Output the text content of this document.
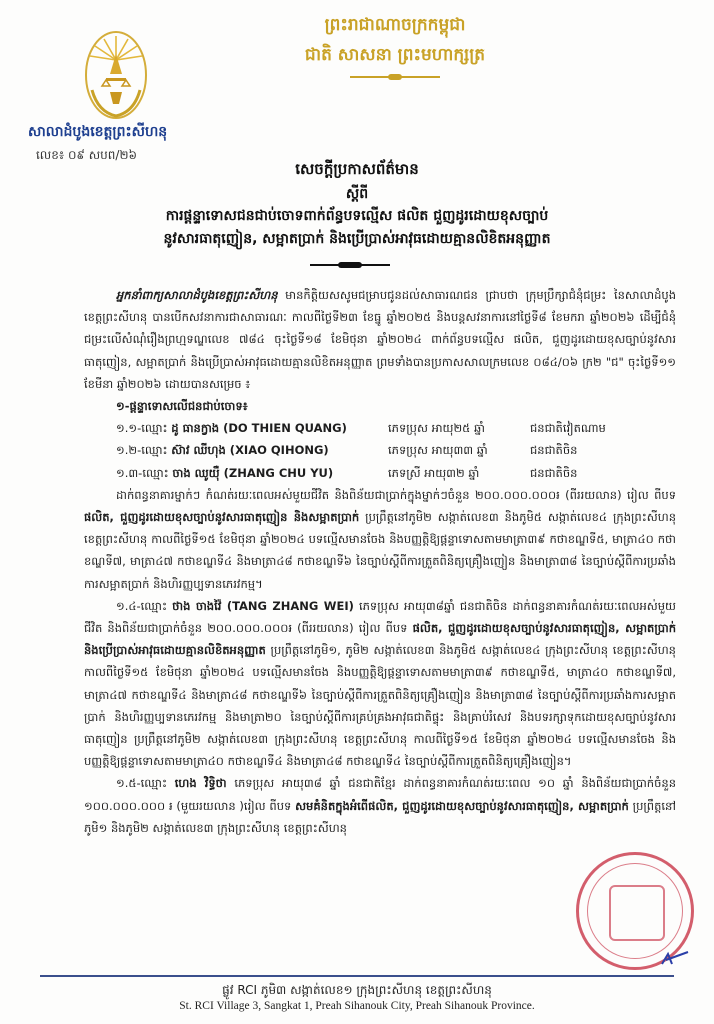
ព្រះរាជាណាចក្រកម្ពុជា
ជាតិ សាសនា ព្រះមហាក្សត្រ
សាលាដំបូងខេត្តព្រះសីហនុ
លេខ៖ ០៩ សបព/២៦
សេចក្តីប្រកាសព័ត៌មាន
ស្តីពី
ការផ្តន្ទាទោសជនជាប់ចោទពាក់ព័ន្ធបទល្មើស ផលិត ជួញដូរដោយខុសច្បាប់
នូវសារធាតុញៀន, សម្អាតប្រាក់ និងប្រើប្រាស់អាវុធដោយគ្មានលិខិតអនុញ្ញាត

អ្នកនាំពាក្យសាលាដំបូងខេត្តព្រះសីហនុ មានកិត្តិយសសូមជម្រាបជូនដល់សាធារណជន ជ្រាបថា ក្រុមប្រឹក្សាជំនុំជម្រះ នៃសាលាដំបូងខេត្តព្រះសីហនុ បានបើកសវនាការជាសាធារណៈ កាលពីថ្ងៃទី២៣ ខែធ្នូ ឆ្នាំ២០២៥ និងបន្តសវនាការនៅថ្ងៃទី៨ ខែមករា ឆ្នាំ២០២៦ ដើម្បីជំនុំជម្រះលើសំណុំរឿងព្រហ្មទណ្ឌលេខ ៧៨៤ ចុះថ្ងៃទី១៨ ខែមិថុនា ឆ្នាំ២០២៤ ពាក់ព័ន្ធបទល្មើស ផលិត, ជួញដូរដោយខុសច្បាប់នូវសារធាតុញៀន, សម្អាតប្រាក់ និងប្រើប្រាស់អាវុធដោយគ្មានលិខិតអនុញ្ញាត ព្រមទាំងបានប្រកាសសាលក្រមលេខ ០៨៤/០៦ ក្រ២ "ជ" ចុះថ្ងៃទី១១ ខែមីនា ឆ្នាំ២០២៦ ដោយបានសម្រេច ៖

១-ផ្តន្ទាទោសលើជនជាប់ចោទ៖

១.១-ឈ្មោះ ដូ ធានក្វាង (DO THIEN QUANG)	ភេទប្រុស អាយុ២៥ ឆ្នាំ	ជនជាតិវៀតណាម
១.២-ឈ្មោះ ស៊ាវ ឈីហុង (XIAO QIHONG)	ភេទប្រុស អាយុ៣៣ ឆ្នាំ	ជនជាតិចិន
១.៣-ឈ្មោះ ចាង ឈូយ៉ឺ (ZHANG CHU YU)	ភេទស្រី អាយុ៣២ ឆ្នាំ	ជនជាតិចិន

ដាក់ពន្ធនាគារម្នាក់ៗ កំណត់រយៈពេលអស់មួយជីវិត និងពិន័យជាប្រាក់ក្នុងម្នាក់ៗចំនួន ២០០.០០០.០០០៛ (ពីររយលាន) រៀល ពីបទ ផលិត, ជួញដូរដោយខុសច្បាប់នូវសារធាតុញៀន និងសម្អាតប្រាក់ ប្រព្រឹត្តនៅភូមិ២ សង្កាត់លេខ៣ និងភូមិ៥ សង្កាត់លេខ៤ ក្រុងព្រះសីហនុ ខេត្តព្រះសីហនុ កាលពីថ្ងៃទី១៥ ខែមិថុនា ឆ្នាំ២០២៤ បទល្មើសមានចែង និងបញ្ញត្តិឱ្យផ្តន្ទាទោសតាមមាត្រា៣៩ កថាខណ្ឌទី៥, មាត្រា៤០ កថាខណ្ឌទី៧, មាត្រា៤៧ កថាខណ្ឌទី៤ និងមាត្រា៤៨ កថាខណ្ឌទី៦ នៃច្បាប់ស្តីពីការត្រួតពិនិត្យគ្រឿងញៀន និងមាត្រា៣៨ នៃច្បាប់ស្តីពីការប្រឆាំងការសម្អាតប្រាក់ និងហិរញ្ញប្បទានភេរវកម្ម។

១.៤-ឈ្មោះ ថាង ចាងវ៉ៃ (TANG ZHANG WEI) ភេទប្រុស អាយុ៣៨ឆ្នាំ ជនជាតិចិន ដាក់ពន្ធនាគារកំណត់រយៈពេលអស់មួយជីវិត និងពិន័យជាប្រាក់ចំនួន ២០០.០០០.០០០៛ (ពីររយលាន) រៀល ពីបទ ផលិត, ជួញដូរដោយខុសច្បាប់នូវសារធាតុញៀន, សម្អាតប្រាក់ និងប្រើប្រាស់អាវុធដោយគ្មានលិខិតអនុញ្ញាត ប្រព្រឹត្តនៅភូមិ១, ភូមិ២ សង្កាត់លេខ៣ និងភូមិ៥ សង្កាត់លេខ៤ ក្រុងព្រះសីហនុ ខេត្តព្រះសីហនុ កាលពីថ្ងៃទី១៥ ខែមិថុនា ឆ្នាំ២០២៤ បទល្មើសមានចែង និងបញ្ញត្តិឱ្យផ្តន្ទាទោសតាមមាត្រា៣៩ កថាខណ្ឌទី៥, មាត្រា៤០ កថាខណ្ឌទី៧, មាត្រា៤៧ កថាខណ្ឌទី៤ និងមាត្រា៤៨ កថាខណ្ឌទី៦ នៃច្បាប់ស្តីពីការត្រួតពិនិត្យគ្រឿងញៀន និងមាត្រា៣៨ នៃច្បាប់ស្តីពីការប្រឆាំងការសម្អាតប្រាក់ និងហិរញ្ញប្បទានភេរវកម្ម និងមាត្រា២០ នៃច្បាប់ស្តីពីការគ្រប់គ្រងអាវុធជាតិផ្ទុះ និងគ្រាប់រំសេវ និងបទរក្សាទុកដោយខុសច្បាប់នូវសារធាតុញៀន ប្រព្រឹត្តនៅភូមិ២ សង្កាត់លេខ៣ ក្រុងព្រះសីហនុ ខេត្តព្រះសីហនុ កាលពីថ្ងៃទី១៥ ខែមិថុនា ឆ្នាំ២០២៤ បទល្មើសមានចែង និងបញ្ញត្តិឱ្យផ្តន្ទាទោសតាមមាត្រា៤០ កថាខណ្ឌទី៤ និងមាត្រា៤៨ កថាខណ្ឌទី៤ នៃច្បាប់ស្តីពីការត្រួតពិនិត្យគ្រឿងញៀន។

១.៥-ឈ្មោះ ហេង វិទ្ធិថា ភេទប្រុស អាយុ៣៨ ឆ្នាំ ជនជាតិខ្មែរ ដាក់ពន្ធនាគារកំណត់រយៈពេល ១០ ឆ្នាំ និងពិន័យជាប្រាក់ចំនួន ១០០.០០០.០០០ ៛ (មួយរយលាន )រៀល ពីបទ សមគំនិតក្នុងអំពើផលិត, ជួញដូរដោយខុសច្បាប់នូវសារធាតុញៀន, សម្អាតប្រាក់ ប្រព្រឹត្តនៅភូមិ១ និងភូមិ២ សង្កាត់លេខ៣ ក្រុងព្រះសីហនុ ខេត្តព្រះសីហនុ

ផ្លូវ RCI ភូមិ៣ សង្កាត់លេខ១ ក្រុងព្រះសីហនុ ខេត្តព្រះសីហនុ
St. RCI Village 3, Sangkat 1, Preah Sihanouk City, Preah Sihanouk Province.
